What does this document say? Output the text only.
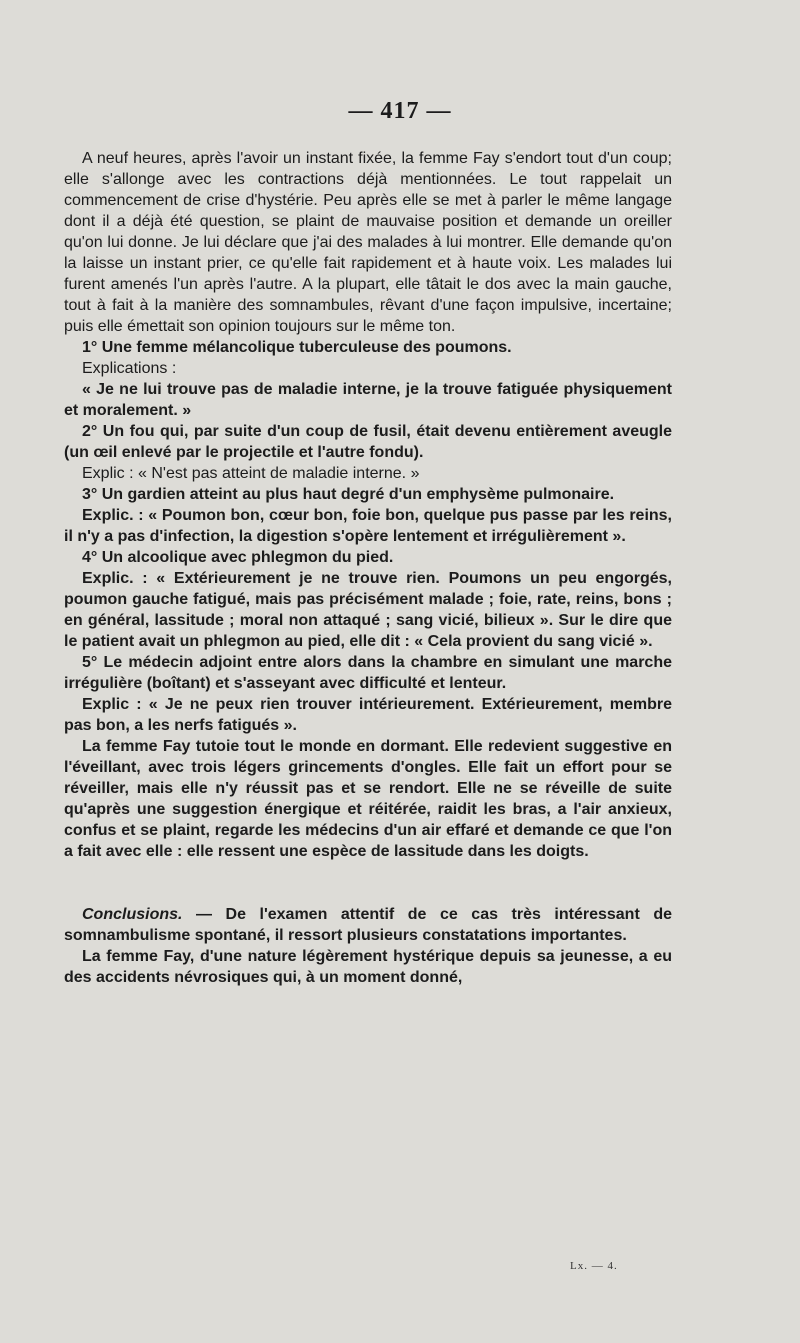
— 417 —

A neuf heures, après l'avoir un instant fixée, la femme Fay s'endort tout d'un coup; elle s'allonge avec les contractions déjà mentionnées. Le tout rappelait un commencement de crise d'hystérie. Peu après elle se met à parler le même langage dont il a déjà été question, se plaint de mauvaise position et demande un oreiller qu'on lui donne. Je lui déclare que j'ai des malades à lui montrer. Elle demande qu'on la laisse un instant prier, ce qu'elle fait rapidement et à haute voix. Les malades lui furent amenés l'un après l'autre. A la plupart, elle tâtait le dos avec la main gauche, tout à fait à la manière des somnambules, rêvant d'une façon impulsive, incertaine; puis elle émettait son opinion toujours sur le même ton.

1° Une femme mélancolique tuberculeuse des poumons.

Explications :

« Je ne lui trouve pas de maladie interne, je la trouve fatiguée physiquement et moralement. »

2° Un fou qui, par suite d'un coup de fusil, était devenu entièrement aveugle (un œil enlevé par le projectile et l'autre fondu).

Explic : « N'est pas atteint de maladie interne. »

3° Un gardien atteint au plus haut degré d'un emphysème pulmonaire.

Explic. : « Poumon bon, cœur bon, foie bon, quelque pus passe par les reins, il n'y a pas d'infection, la digestion s'opère lentement et irrégulièrement ».

4° Un alcoolique avec phlegmon du pied.

Explic. : « Extérieurement je ne trouve rien. Poumons un peu engorgés, poumon gauche fatigué, mais pas précisément malade ; foie, rate, reins, bons ; en général, lassitude ; moral non attaqué ; sang vicié, bilieux ». Sur le dire que le patient avait un phlegmon au pied, elle dit : « Cela provient du sang vicié ».

5° Le médecin adjoint entre alors dans la chambre en simulant une marche irrégulière (boîtant) et s'asseyant avec difficulté et lenteur.

Explic : « Je ne peux rien trouver intérieurement. Extérieurement, membre pas bon, a les nerfs fatigués ».

La femme Fay tutoie tout le monde en dormant. Elle redevient suggestive en l'éveillant, avec trois légers grincements d'ongles. Elle fait un effort pour se réveiller, mais elle n'y réussit pas et se rendort. Elle ne se réveille de suite qu'après une suggestion énergique et réitérée, raidit les bras, a l'air anxieux, confus et se plaint, regarde les médecins d'un air effaré et demande ce que l'on a fait avec elle : elle ressent une espèce de lassitude dans les doigts.

Conclusions. — De l'examen attentif de ce cas très intéressant de somnambulisme spontané, il ressort plusieurs constatations importantes.

La femme Fay, d'une nature légèrement hystérique depuis sa jeunesse, a eu des accidents névrosiques qui, à un moment donné,

Lx. — 4.
